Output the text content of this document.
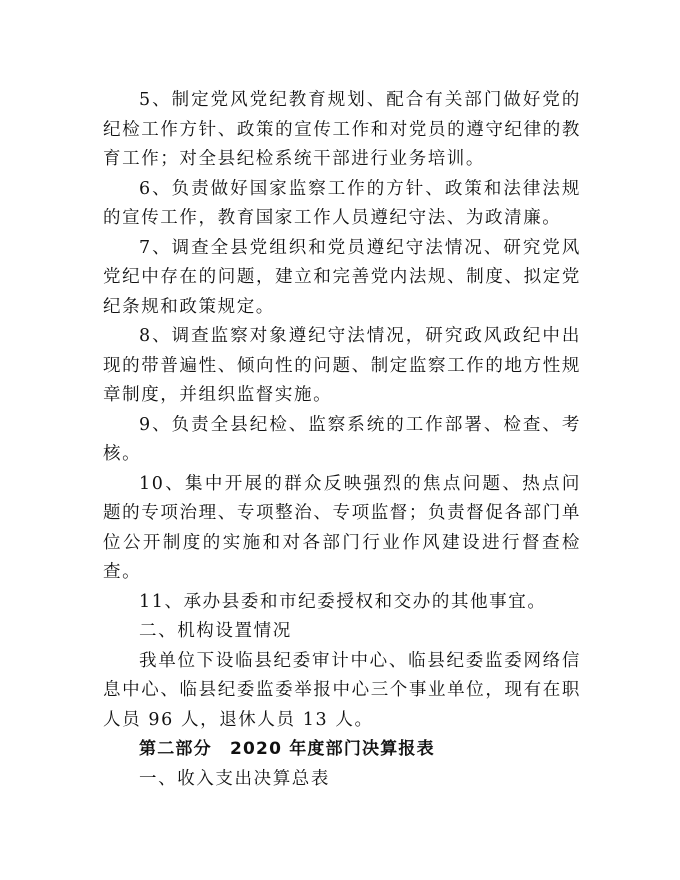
5、制定党风党纪教育规划、配合有关部门做好党的纪检工作方针、政策的宣传工作和对党员的遵守纪律的教育工作；对全县纪检系统干部进行业务培训。

6、负责做好国家监察工作的方针、政策和法律法规的宣传工作，教育国家工作人员遵纪守法、为政清廉。

7、调查全县党组织和党员遵纪守法情况、研究党风党纪中存在的问题，建立和完善党内法规、制度、拟定党纪条规和政策规定。

8、调查监察对象遵纪守法情况，研究政风政纪中出现的带普遍性、倾向性的问题、制定监察工作的地方性规章制度，并组织监督实施。

9、负责全县纪检、监察系统的工作部署、检查、考核。

10、集中开展的群众反映强烈的焦点问题、热点问题的专项治理、专项整治、专项监督；负责督促各部门单位公开制度的实施和对各部门行业作风建设进行督查检查。

11、承办县委和市纪委授权和交办的其他事宜。

二、机构设置情况

我单位下设临县纪委审计中心、临县纪委监委网络信息中心、临县纪委监委举报中心三个事业单位，现有在职人员 96 人，退休人员 13 人。

第二部分　2020 年度部门决算报表

一、收入支出决算总表
